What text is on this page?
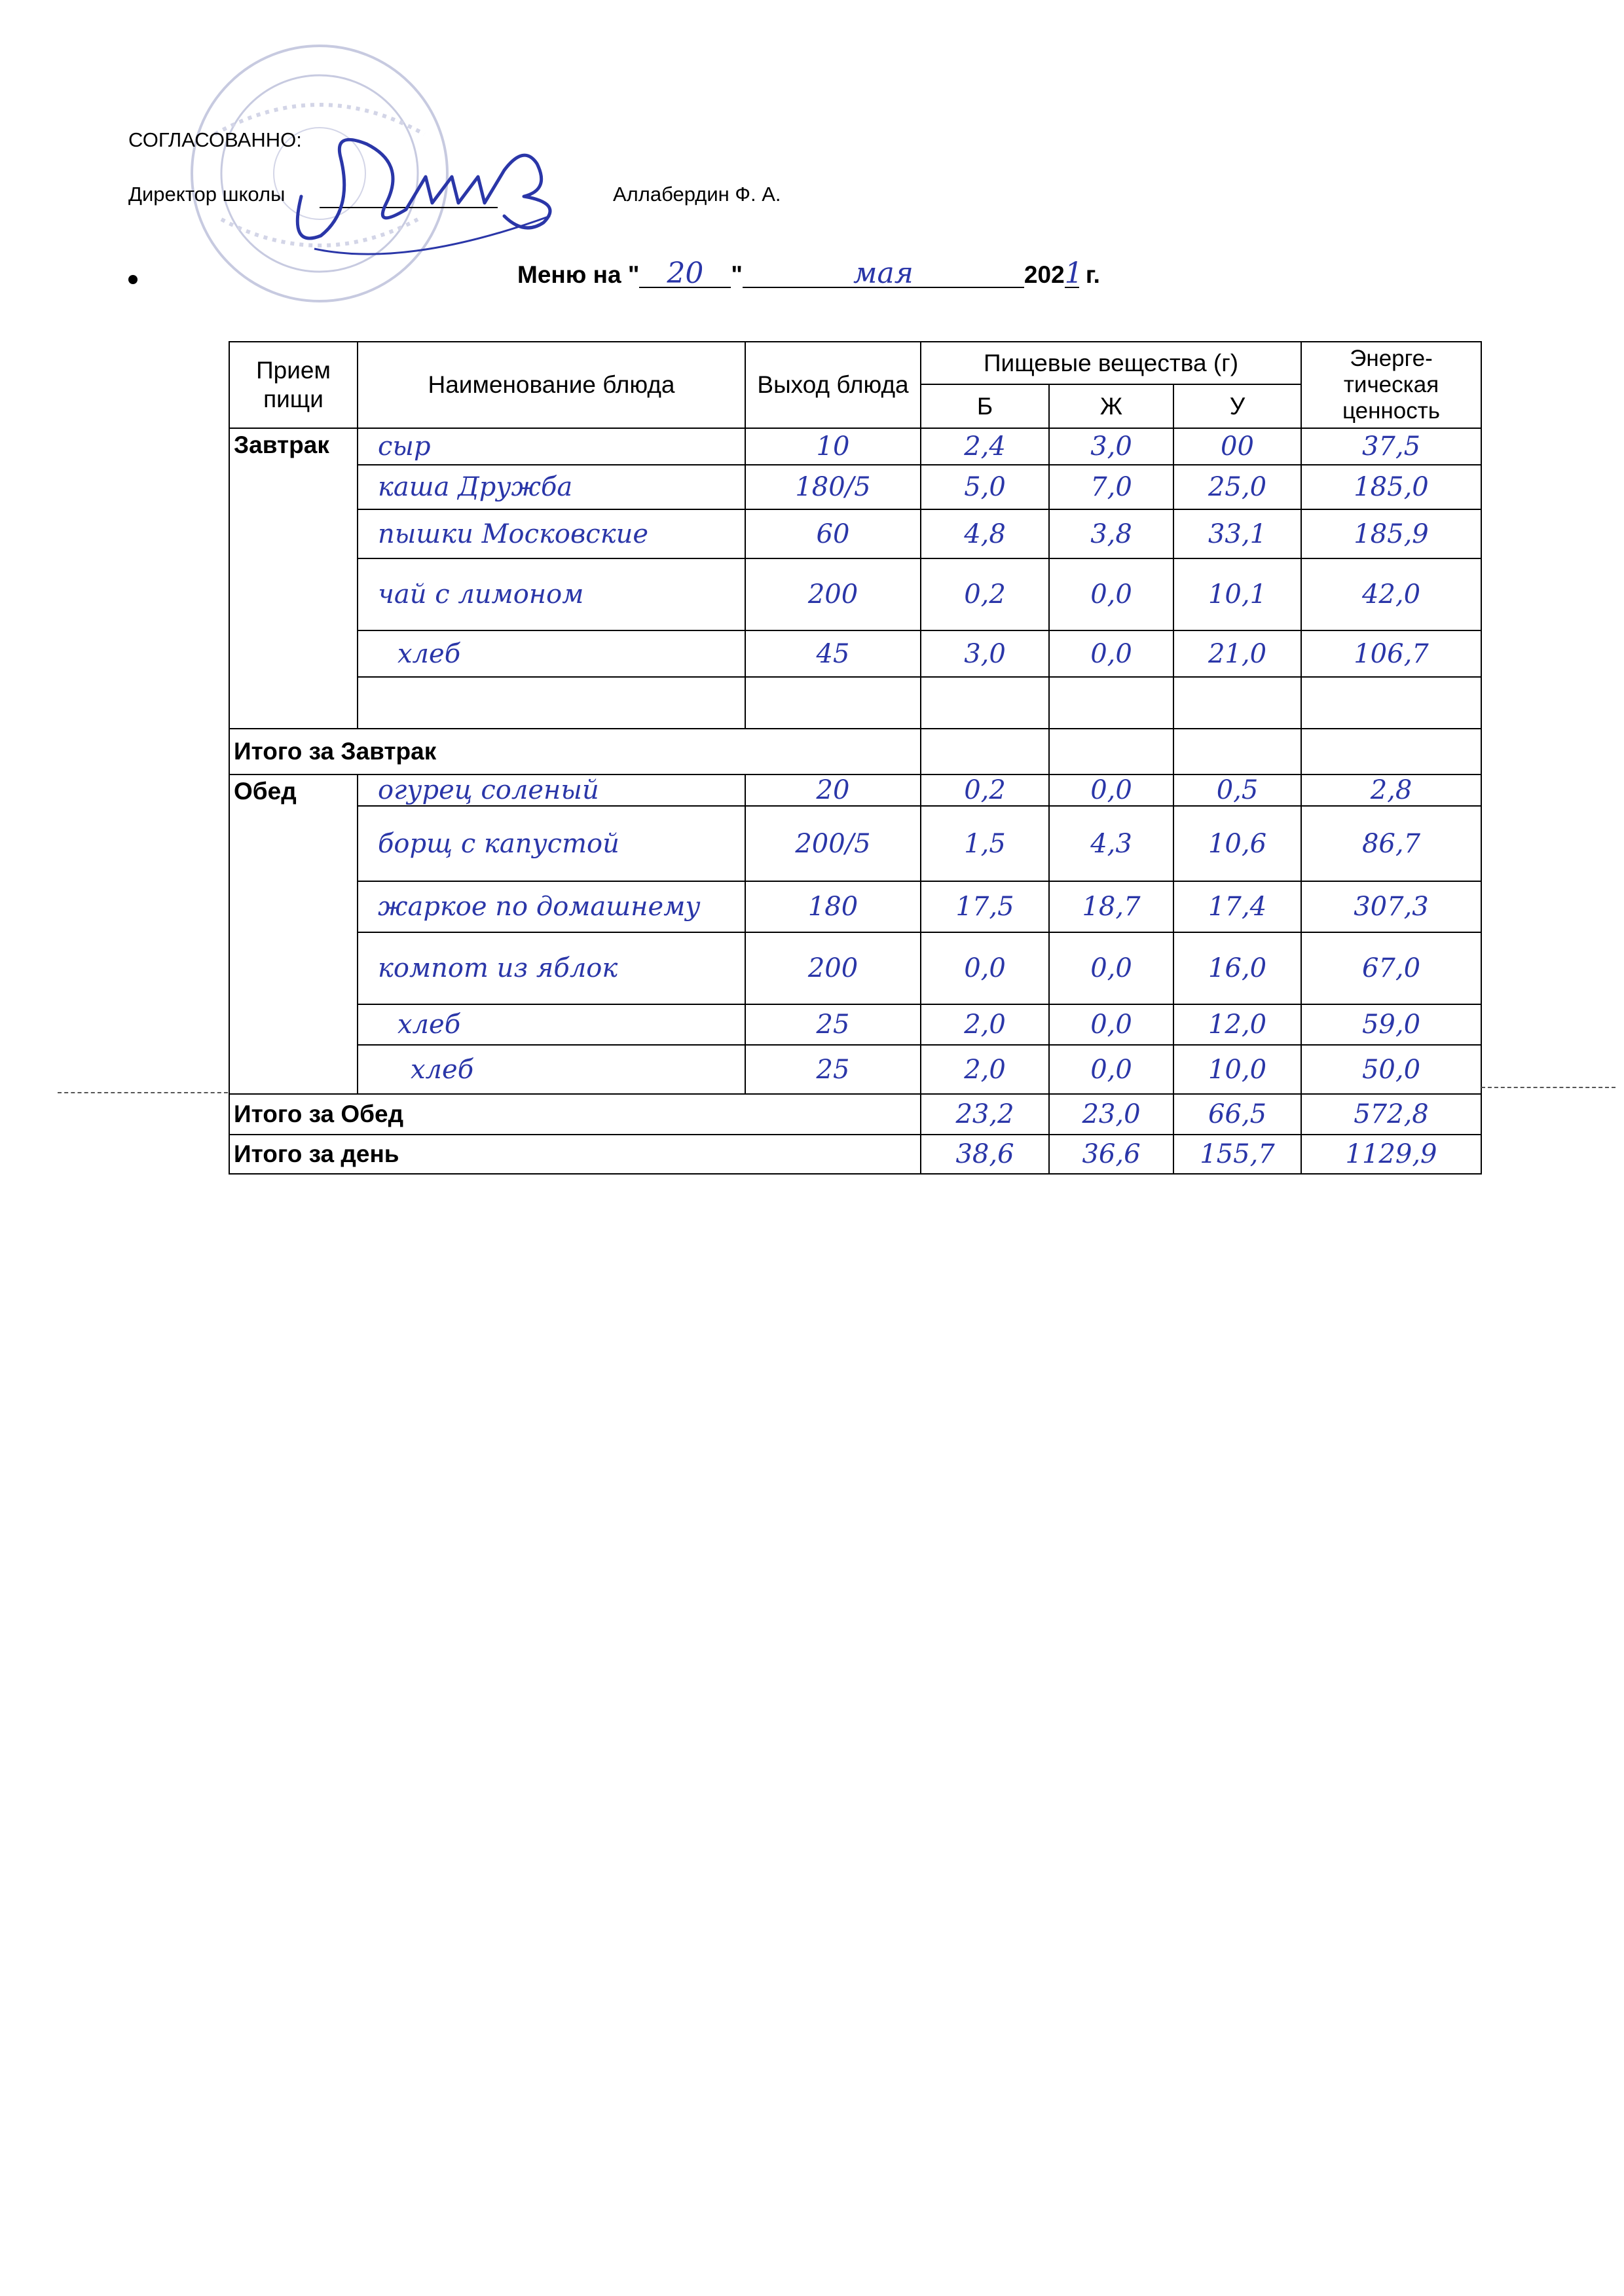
СОГЛАСОВАННО:
Директор школы	Аллабердин Ф. А.
Меню на " 20 "	мая	2021 г.
Прием пищи	Наименование блюда	Выход блюда	Пищевые вещества (г)			Энерге-тическая ценность
			Б	Ж	У	
Завтрак	сыр	10	2,4	3,0	00	37,5
	каша Дружба	180/5	5,0	7,0	25,0	185,0
	пышки Московские	60	4,8	3,8	33,1	185,9
	чай с лимоном	200	0,2	0,0	10,1	42,0
	хлеб	45	3,0	0,0	21,0	106,7

Итого за Завтрак						
Обед	огурец соленый	20	0,2	0,0	0,5	2,8
	борщ с капустой	200/5	1,5	4,3	10,6	86,7
	жаркое по домашнему	180	17,5	18,7	17,4	307,3
	компот из яблок	200	0,0	0,0	16,0	67,0
	хлеб	25	2,0	0,0	12,0	59,0
	хлеб	25	2,0	0,0	10,0	50,0
Итого за Обед			23,2	23,0	66,5	572,8
Итого за день			38,6	36,6	155,7	1129,9
